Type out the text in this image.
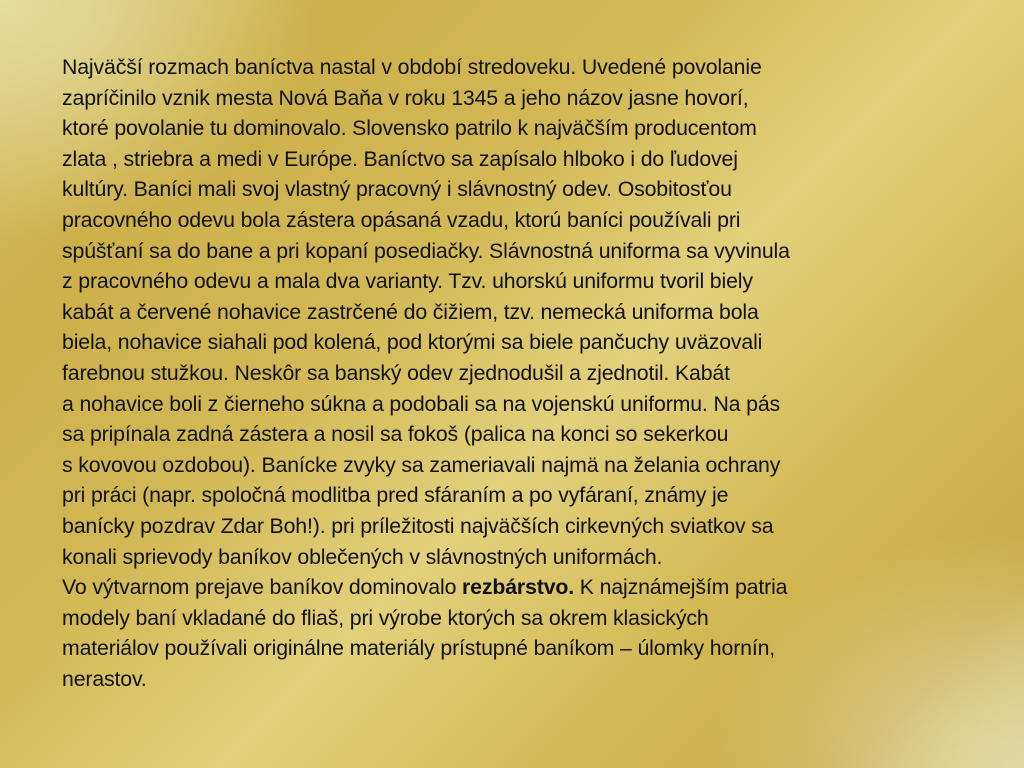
Najväčší rozmach baníctva nastal v období stredoveku. Uvedené povolanie
zapríčinilo vznik mesta Nová Baňa v roku 1345 a jeho názov jasne hovorí,
ktoré povolanie tu dominovalo. Slovensko patrilo k najväčším producentom
zlata , striebra a medi v Európe. Baníctvo sa zapísalo hlboko i do ľudovej
kultúry. Baníci mali svoj vlastný pracovný i slávnostný odev. Osobitosťou
pracovného odevu bola zástera opásaná vzadu, ktorú baníci používali pri
spúšťaní sa do bane a pri kopaní posediačky. Slávnostná uniforma sa vyvinula
z pracovného odevu a mala dva varianty. Tzv. uhorskú uniformu tvoril biely
kabát a červené nohavice zastrčené do čižiem, tzv. nemecká uniforma bola
biela, nohavice siahali pod kolená, pod ktorými sa biele pančuchy uväzovali
farebnou stužkou. Neskôr sa banský odev zjednodušil a zjednotil. Kabát
a nohavice boli z čierneho súkna a podobali sa na vojenskú uniformu. Na pás
sa pripínala zadná zástera a nosil sa fokoš (palica na konci so sekerkou
s kovovou ozdobou). Banícke zvyky sa zameriavali najmä na želania ochrany
pri práci (napr. spoločná modlitba pred sfáraním a po vyfáraní, známy je
banícky pozdrav Zdar Boh!). pri príležitosti najväčších cirkevných sviatkov sa
konali sprievody baníkov oblečených v slávnostných uniformách.
Vo výtvarnom prejave baníkov dominovalo rezbárstvo. K najznámejším patria
modely baní vkladané do fliaš, pri výrobe ktorých sa okrem klasických
materiálov používali originálne materiály prístupné baníkom – úlomky hornín,
nerastov.
